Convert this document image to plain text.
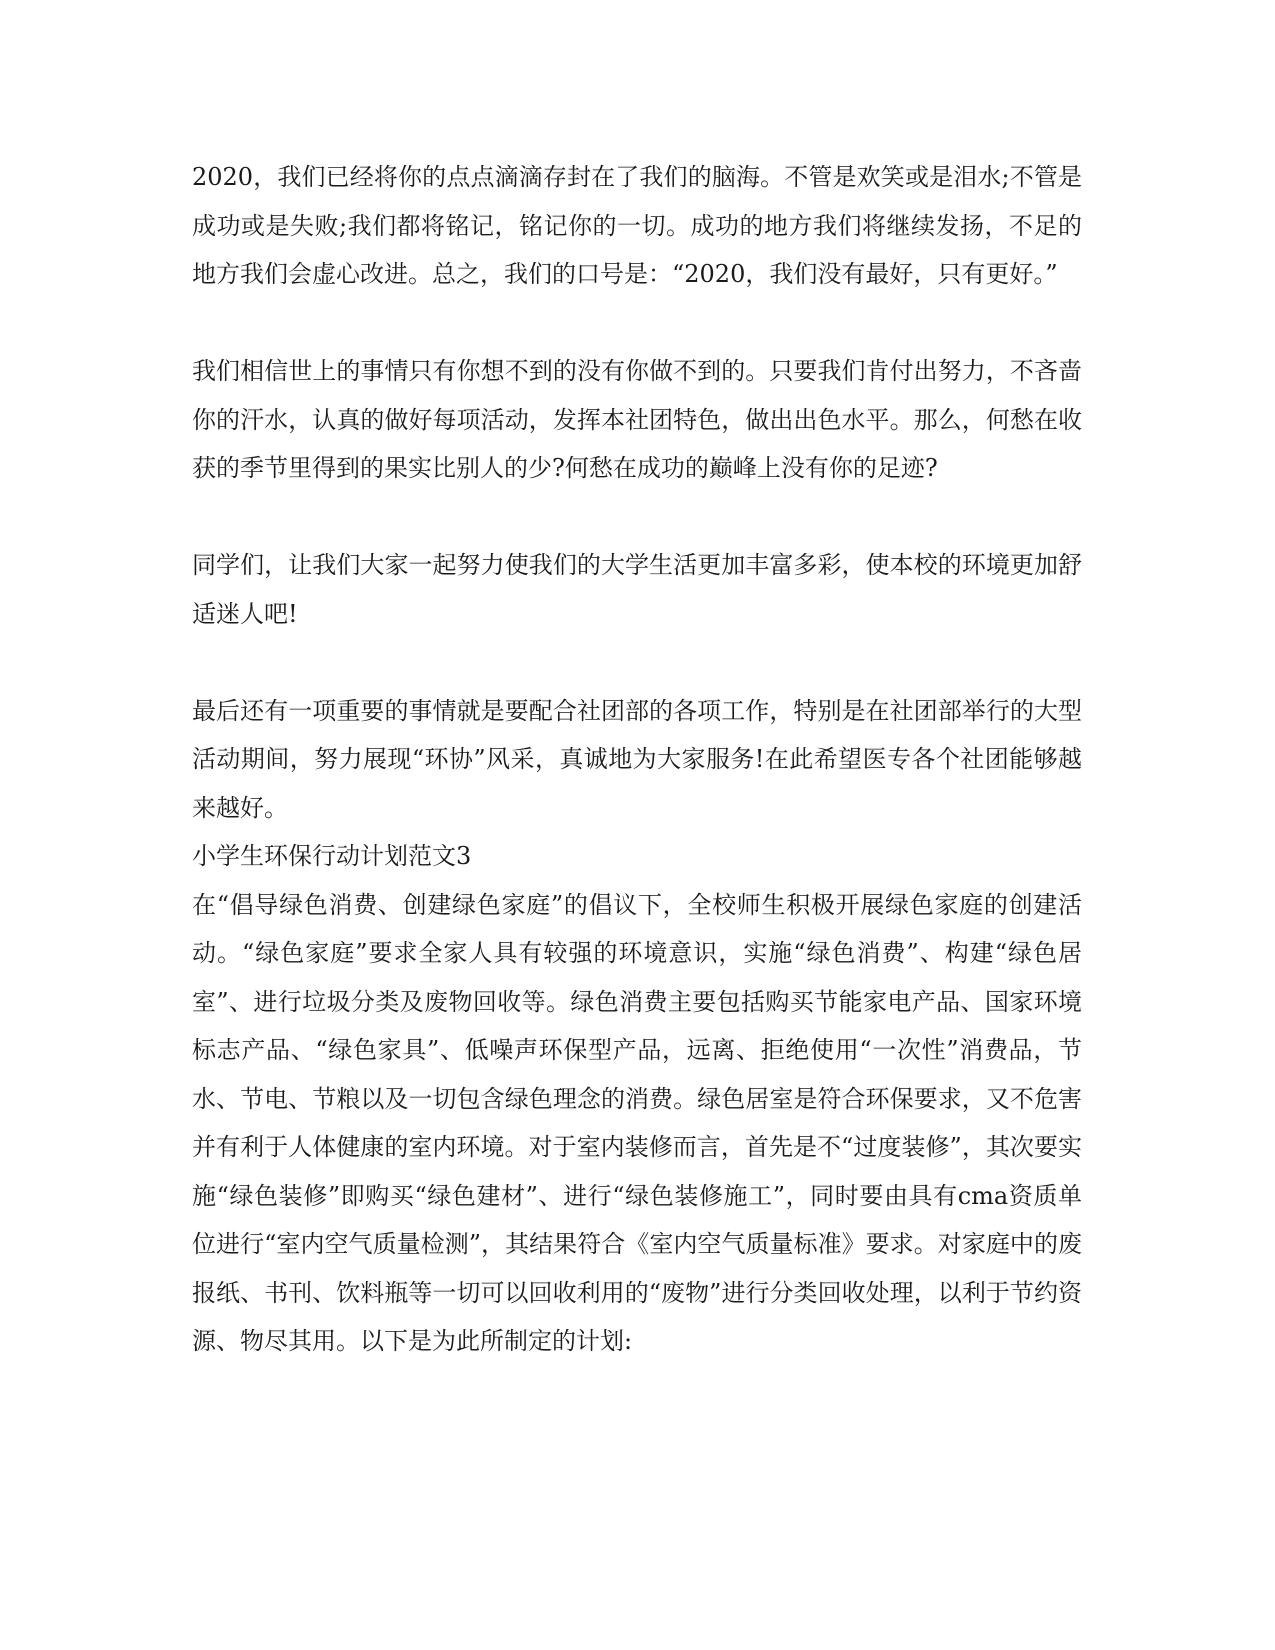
2020，我们已经将你的点点滴滴存封在了我们的脑海。不管是欢笑或是泪水;不管是成功或是失败;我们都将铭记，铭记你的一切。成功的地方我们将继续发扬，不足的地方我们会虚心改进。总之，我们的口号是：“2020，我们没有最好，只有更好。”

我们相信世上的事情只有你想不到的没有你做不到的。只要我们肯付出努力，不吝啬你的汗水，认真的做好每项活动，发挥本社团特色，做出出色水平。那么，何愁在收获的季节里得到的果实比别人的少?何愁在成功的巅峰上没有你的足迹?

同学们，让我们大家一起努力使我们的大学生活更加丰富多彩，使本校的环境更加舒适迷人吧!

最后还有一项重要的事情就是要配合社团部的各项工作，特别是在社团部举行的大型活动期间，努力展现“环协”风采，真诚地为大家服务!在此希望医专各个社团能够越来越好。

小学生环保行动计划范文3

在“倡导绿色消费、创建绿色家庭”的倡议下，全校师生积极开展绿色家庭的创建活动。“绿色家庭”要求全家人具有较强的环境意识，实施“绿色消费”、构建“绿色居室”、进行垃圾分类及废物回收等。绿色消费主要包括购买节能家电产品、国家环境标志产品、“绿色家具”、低噪声环保型产品，远离、拒绝使用“一次性”消费品，节水、节电、节粮以及一切包含绿色理念的消费。绿色居室是符合环保要求，又不危害并有利于人体健康的室内环境。对于室内装修而言，首先是不“过度装修”，其次要实施“绿色装修”即购买“绿色建材”、进行“绿色装修施工”，同时要由具有cma资质单位进行“室内空气质量检测”，其结果符合《室内空气质量标准》要求。对家庭中的废报纸、书刊、饮料瓶等一切可以回收利用的“废物”进行分类回收处理，以利于节约资源、物尽其用。以下是为此所制定的计划:
